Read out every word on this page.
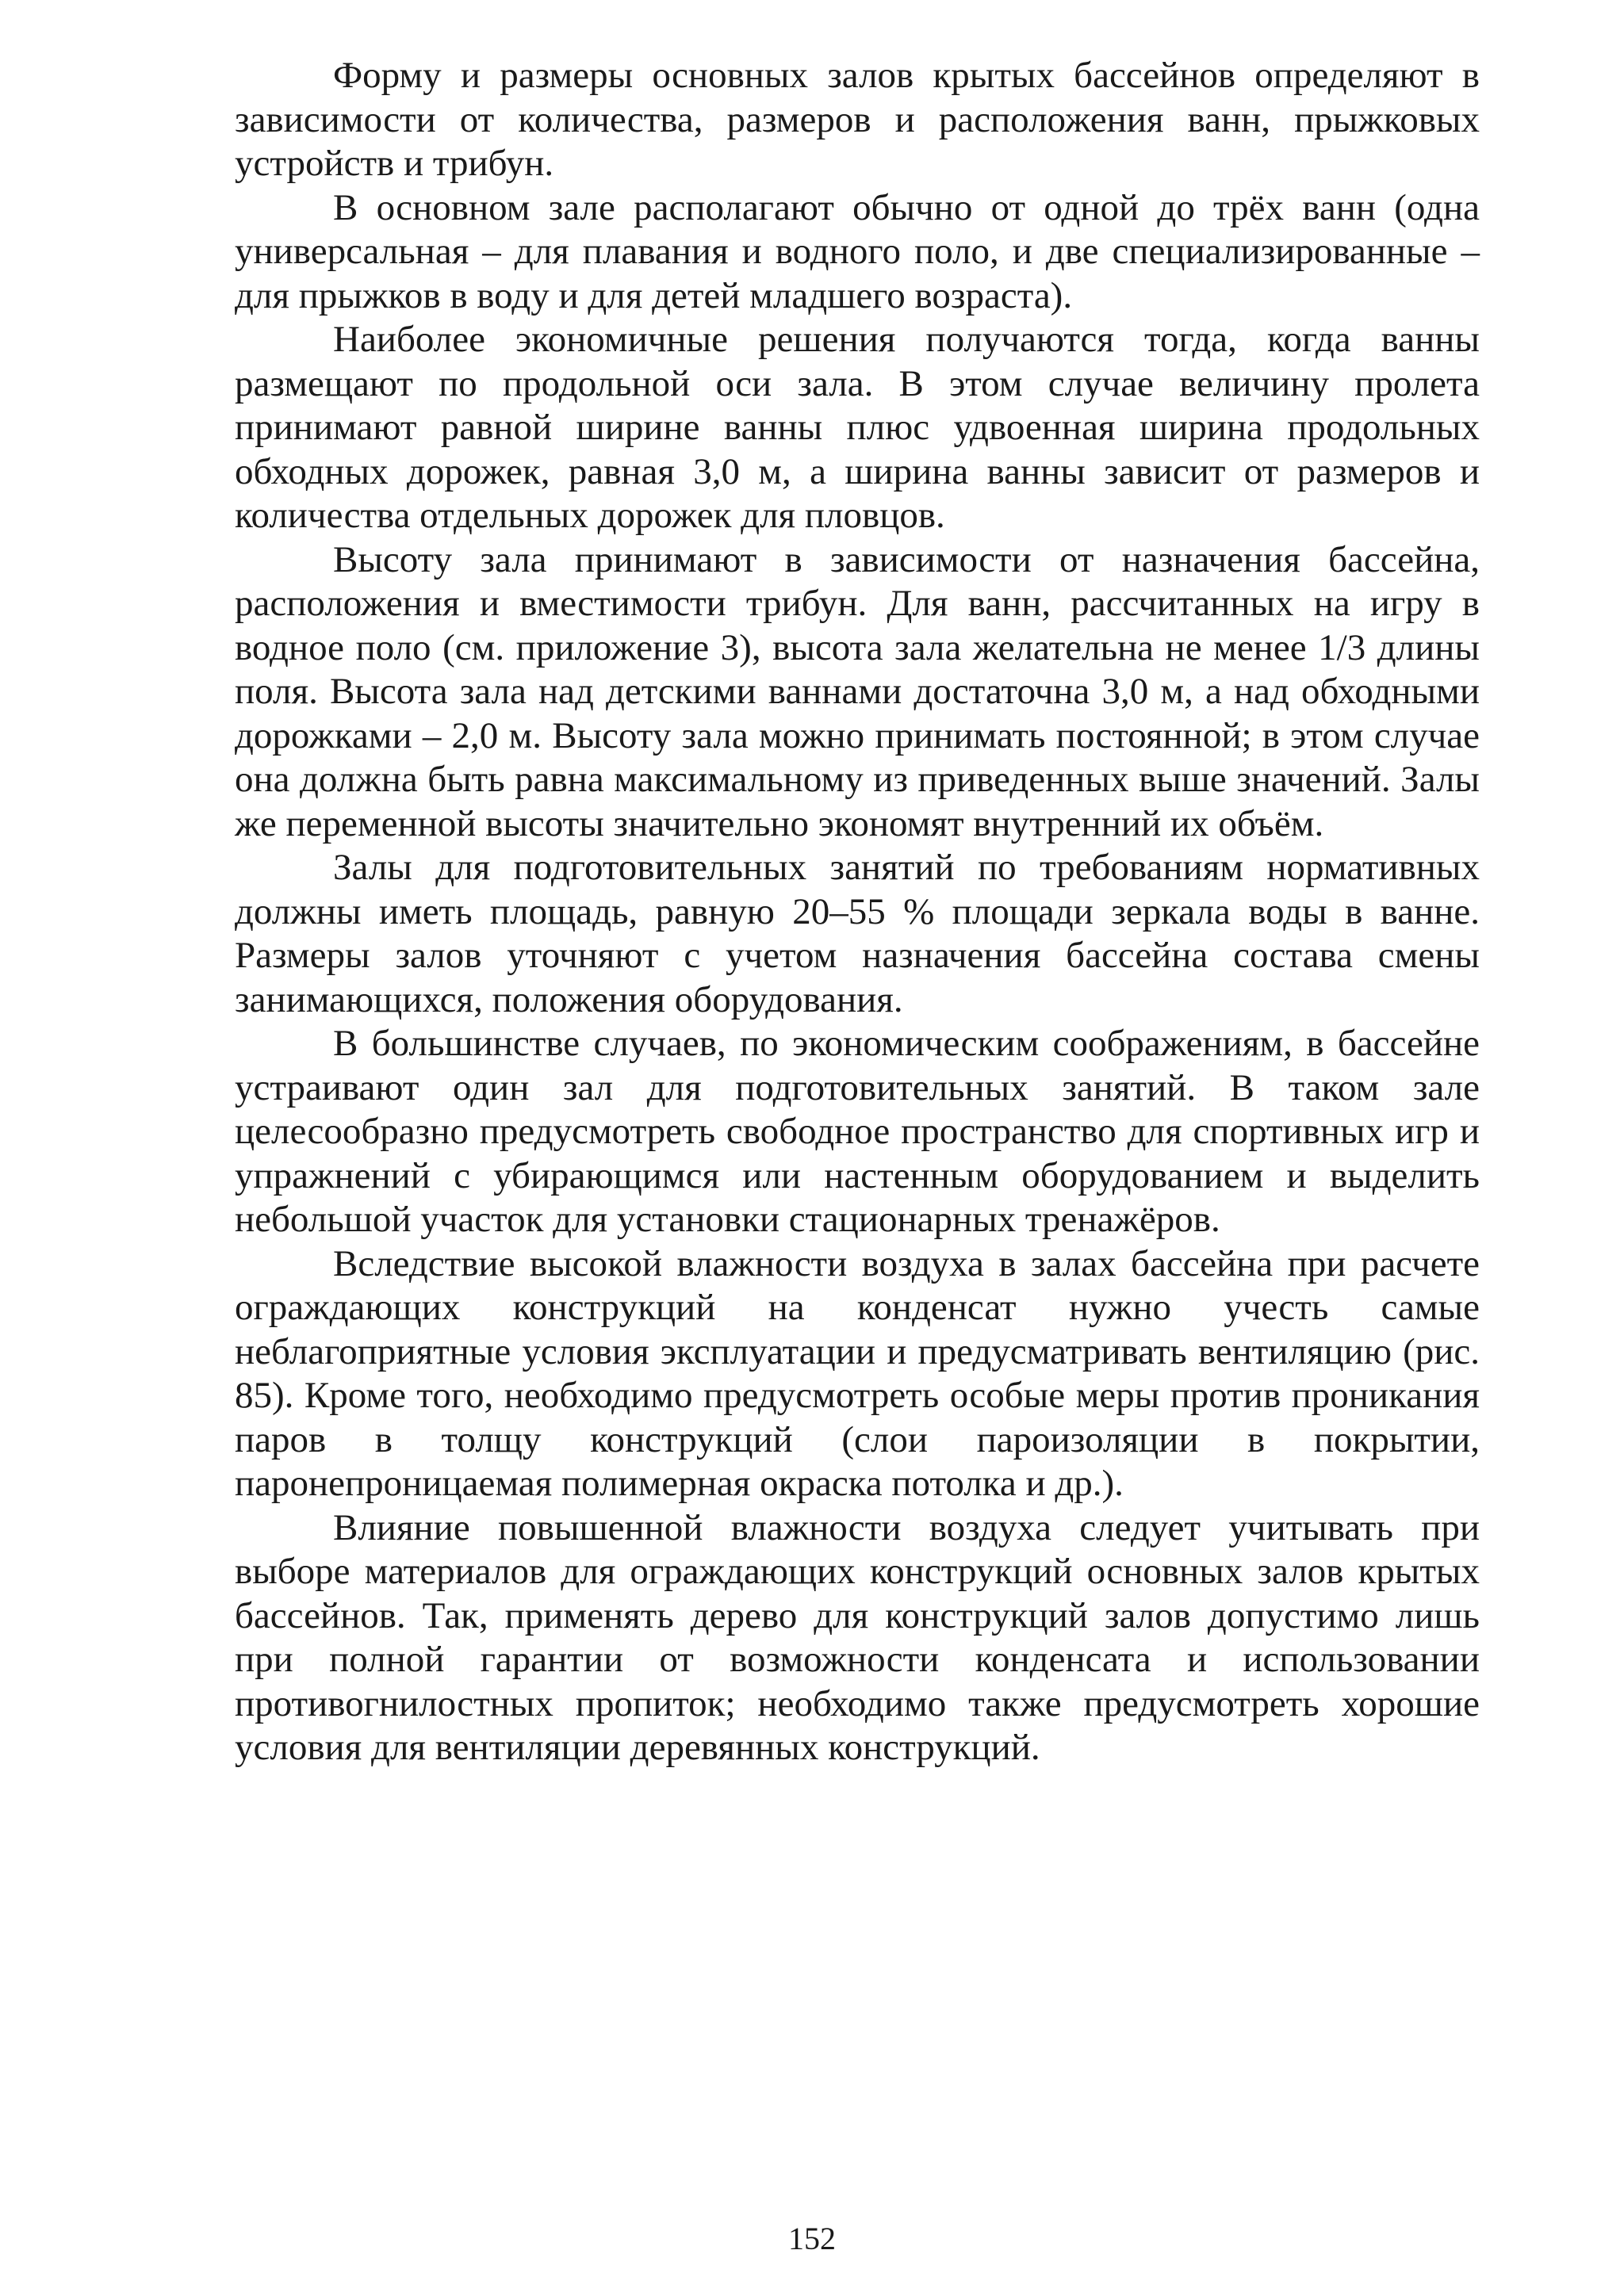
Форму и размеры основных залов крытых бассейнов определяют в зависимости от количества, размеров и расположения ванн, прыжковых устройств и трибун.

В основном зале располагают обычно от одной до трёх ванн (одна универсальная – для плавания и водного поло, и две специализированные – для прыжков в воду и для детей младшего возраста).

Наиболее экономичные решения получаются тогда, когда ванны размещают по продольной оси зала. В этом случае величину пролета принимают равной ширине ванны плюс удвоенная ширина продольных обходных дорожек, равная 3,0 м, а ширина ванны зависит от размеров и количества отдельных дорожек для пловцов.

Высоту зала принимают в зависимости от назначения бассейна, расположения и вместимости трибун. Для ванн, рассчитанных на игру в водное поло (см. приложение 3), высота зала желательна не менее 1/3 длины поля. Высота зала над детскими ваннами достаточна 3,0 м, а над обходными дорожками – 2,0 м. Высоту зала можно принимать постоянной; в этом случае она должна быть равна максимальному из приведенных выше значений. Залы же переменной высоты значительно экономят внутренний их объём.

Залы для подготовительных занятий по требованиям нормативных должны иметь площадь, равную 20–55 % площади зеркала воды в ванне. Размеры залов уточняют с учетом назначения бассейна состава смены занимающихся, положения оборудования.

В большинстве случаев, по экономическим соображениям, в бассейне устраивают один зал для подготовительных занятий. В таком зале целесообразно предусмотреть свободное пространство для спортивных игр и упражнений с убирающимся или настенным оборудованием и выделить небольшой участок для установки стационарных тренажёров.

Вследствие высокой влажности воздуха в залах бассейна при расчете ограждающих конструкций на конденсат нужно учесть самые неблагоприятные условия эксплуатации и предусматривать вентиляцию (рис. 85). Кроме того, необходимо предусмотреть особые меры против проникания паров в толщу конструкций (слои пароизоляции в покрытии, паронепроницаемая полимерная окраска потолка и др.).

Влияние повышенной влажности воздуха следует учитывать при выборе материалов для ограждающих конструкций основных залов крытых бассейнов. Так, применять дерево для конструкций залов допустимо лишь при полной гарантии от возможности конденсата и использовании противогнилостных пропиток; необходимо также предусмотреть хорошие условия для вентиляции деревянных конструкций.

152
